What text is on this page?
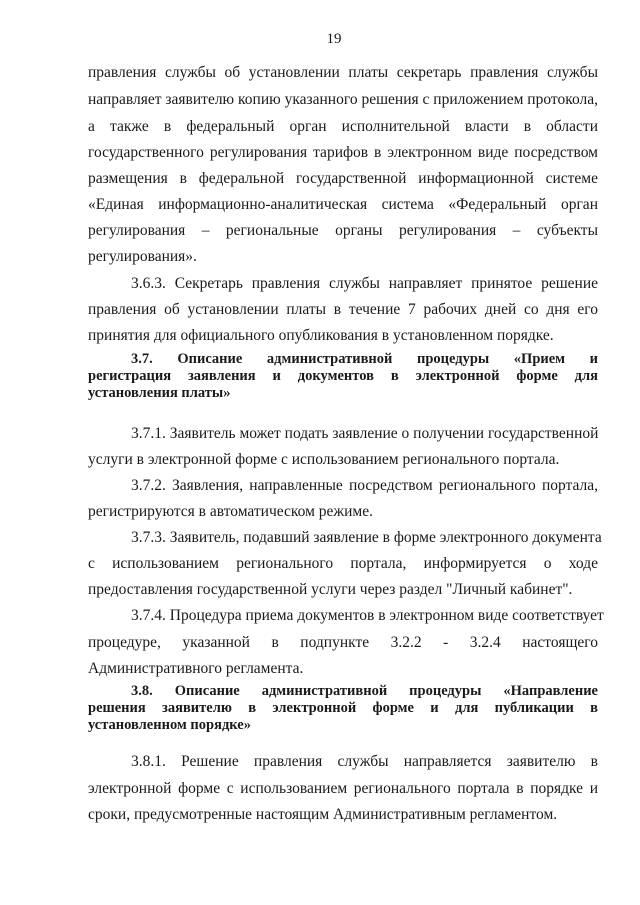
19
правления службы об установлении платы секретарь правления службы
направляет заявителю копию указанного решения с приложением протокола,
а также в федеральный орган исполнительной власти в области
государственного регулирования тарифов в электронном виде посредством
размещения в федеральной государственной информационной системе
«Единая информационно-аналитическая система «Федеральный орган
регулирования – региональные органы регулирования – субъекты
регулирования».
3.6.3. Секретарь правления службы направляет принятое решение
правления об установлении платы в течение 7 рабочих дней со дня его
принятия для официального опубликования в установленном порядке.
3.7. Описание административной процедуры «Прием и
регистрация заявления и документов в электронной форме для
установления платы»
3.7.1. Заявитель может подать заявление о получении государственной
услуги в электронной форме с использованием регионального портала.
3.7.2. Заявления, направленные посредством регионального портала,
регистрируются в автоматическом режиме.
3.7.3. Заявитель, подавший заявление в форме электронного документа
с использованием регионального портала, информируется о ходе
предоставления государственной услуги через раздел "Личный кабинет".
3.7.4. Процедура приема документов в электронном виде соответствует
процедуре, указанной в подпункте 3.2.2 - 3.2.4 настоящего
Административного регламента.
3.8. Описание административной процедуры «Направление
решения заявителю в электронной форме и для публикации в
установленном порядке»
3.8.1. Решение правления службы направляется заявителю в
электронной форме с использованием регионального портала в порядке и
сроки, предусмотренные настоящим Административным регламентом.
